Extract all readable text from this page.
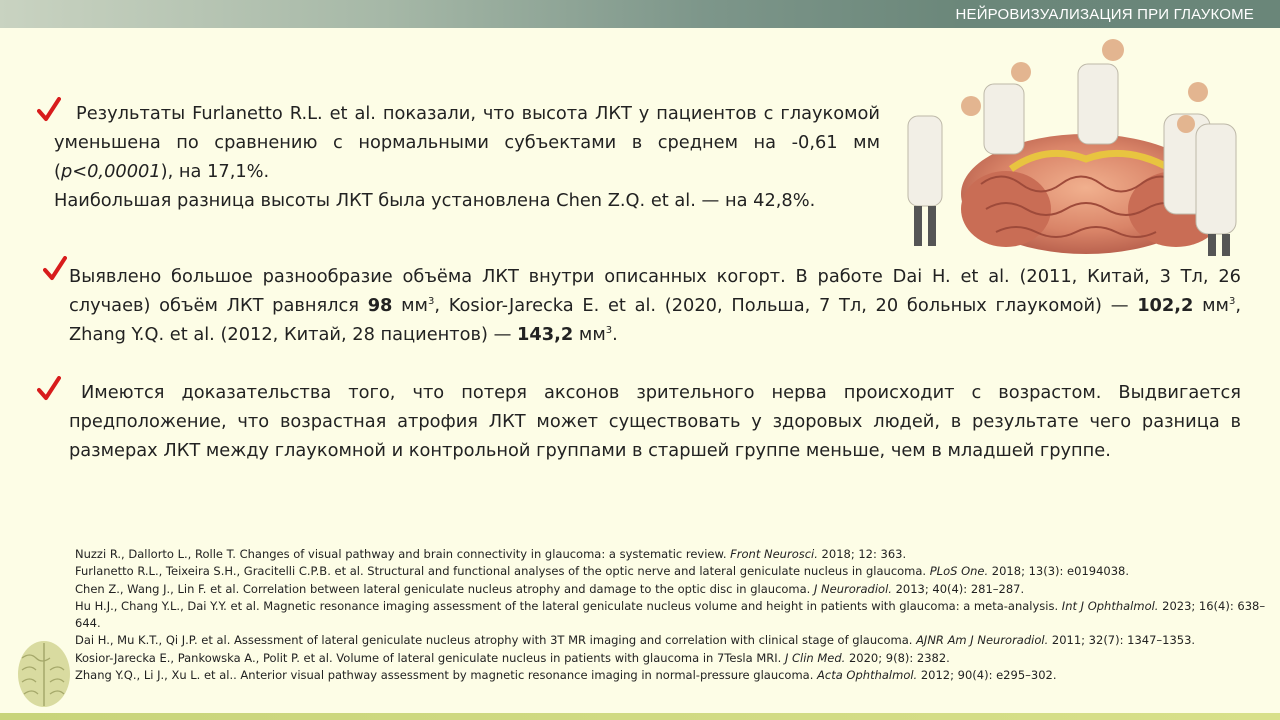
НЕЙРОВИЗУАЛИЗАЦИЯ ПРИ ГЛАУКОМЕ
Результаты Furlanetto R.L. et al. показали, что высота ЛКТ у пациентов с глаукомой уменьшена по сравнению с нормальными субъектами в среднем на -0,61 мм (p<0,00001), на 17,1%.
Наибольшая разница высоты ЛКТ была установлена Chen Z.Q. et al. — на 42,8%.
Выявлено большое разнообразие объёма ЛКТ внутри описанных когорт. В работе Dai H. et al. (2011, Китай, 3 Тл, 26 случаев) объём ЛКТ равнялся 98 $мм^3$, Kosior-Jarecka E. et al. (2020, Польша, 7 Тл, 20 больных глаукомой) — 102,2 $мм^3$, Zhang Y.Q. et al. (2012, Китай, 28 пациентов) — 143,2 $мм^3$.
Имеются доказательства того, что потеря аксонов зрительного нерва происходит с возрастом. Выдвигается предположение, что возрастная атрофия ЛКТ может существовать у здоровых людей, в результате чего разница в размерах ЛКТ между глаукомной и контрольной группами в старшей группе меньше, чем в младшей группе.
Nuzzi R., Dallorto L., Rolle T. Changes of visual pathway and brain connectivity in glaucoma: a systematic review. Front Neurosci. 2018; 12: 363.
Furlanetto R.L., Teixeira S.H., Gracitelli C.P.B. et al. Structural and functional analyses of the optic nerve and lateral geniculate nucleus in glaucoma. PLoS One. 2018; 13(3): e0194038.
Chen Z., Wang J., Lin F. et al. Correlation between lateral geniculate nucleus atrophy and damage to the optic disc in glaucoma. J Neuroradiol. 2013; 40(4): 281–287.
Hu H.J., Chang Y.L., Dai Y.Y. et al. Magnetic resonance imaging assessment of the lateral geniculate nucleus volume and height in patients with glaucoma: a meta-analysis. Int J Ophthalmol. 2023; 16(4): 638–644.
Dai H., Mu K.T., Qi J.P. et al. Assessment of lateral geniculate nucleus atrophy with 3T MR imaging and correlation with clinical stage of glaucoma. AJNR Am J Neuroradiol. 2011; 32(7): 1347–1353.
Kosior-Jarecka E., Pankowska A., Polit P. et al. Volume of lateral geniculate nucleus in patients with glaucoma in 7Tesla MRI. J Clin Med. 2020; 9(8): 2382.
Zhang Y.Q., Li J., Xu L. et al.. Anterior visual pathway assessment by magnetic resonance imaging in normal-pressure glaucoma. Acta Ophthalmol. 2012; 90(4): e295–302.
